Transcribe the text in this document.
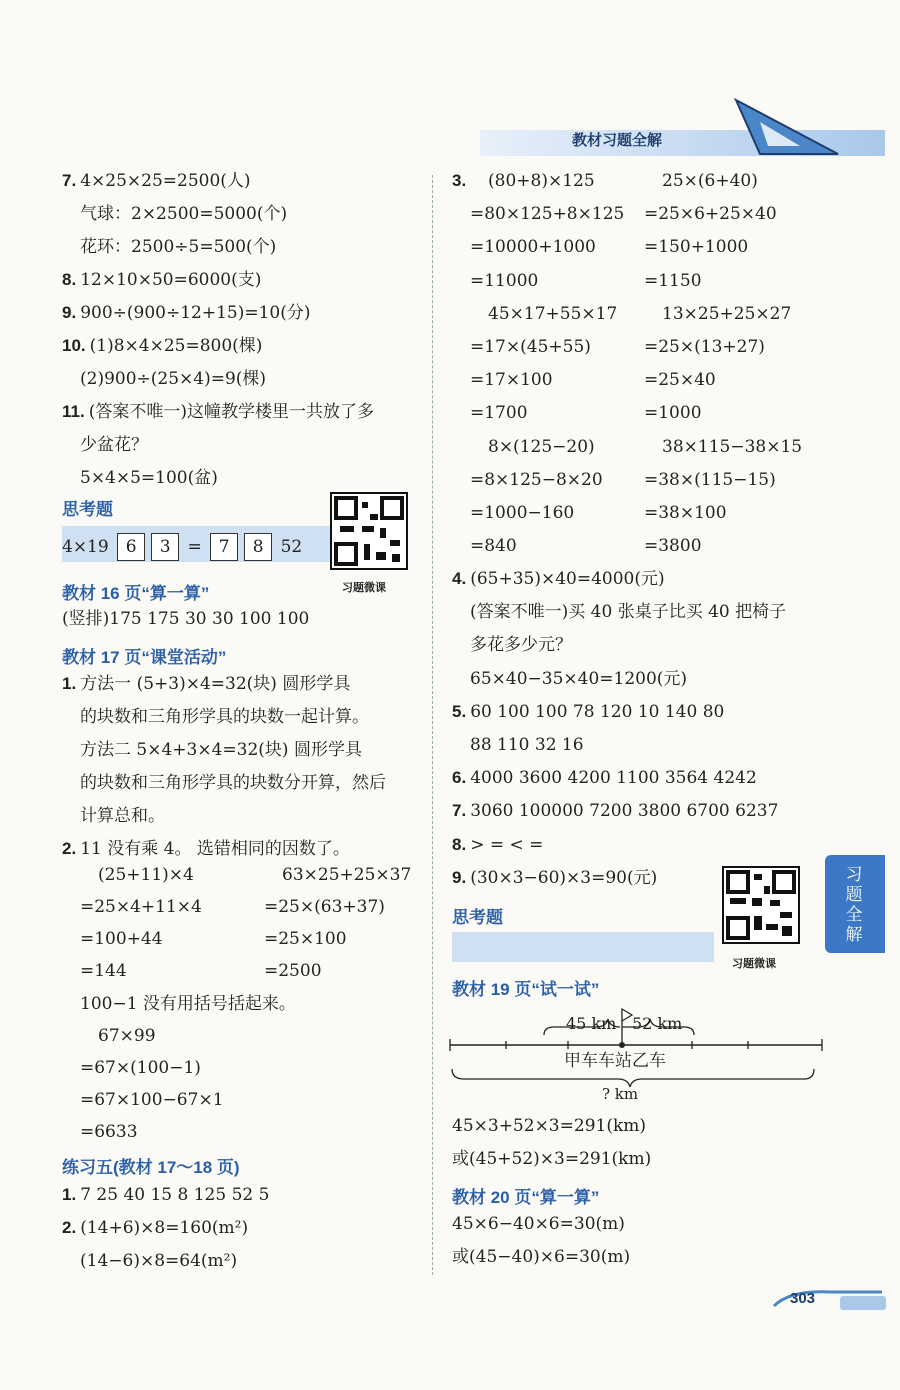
教材习题全解
7. 4×25×25=2500(人)
气球：2×2500=5000(个)
花环：2500÷5=500(个)
8. 12×10×50=6000(支)
9. 900÷(900÷12+15)=10(分)
10. (1)8×4×25=800(棵)
(2)900÷(25×4)=9(棵)
11. (答案不唯一)这幢教学楼里一共放了多
少盆花？
5×4×5=100(盆)
思考题
教材 16 页“算一算”
(竖排)175 175 30 30 100 100
教材 17 页“课堂活动”
1. 方法一 (5+3)×4=32(块) 圆形学具
的块数和三角形学具的块数一起计算。
方法二 5×4+3×4=32(块) 圆形学具
的块数和三角形学具的块数分开算，然后
计算总和。
2. 11 没有乘 4。 选错相同的因数了。
(25+11)×4
=25×4+11×4
=100+44
=144
63×25+25×37
=25×(63+37)
=25×100
=2500
100−1 没有用括号括起来。
67×99
=67×(100−1)
=67×100−67×1
=6633
练习五(教材 17～18 页)
1. 7 25 40 15 8 125 52 5
2. (14+6)×8=160(m²)
(14−6)×8=64(m²)
4×19 6 3 = 7 8 52
习题微课
3. (80+8)×125
=80×125+8×125
=10000+1000
=11000
45×17+55×17
=17×(45+55)
=17×100
=1700
8×(125−20)
=8×125−8×20
=1000−160
=840
25×(6+40)
=25×6+25×40
=150+1000
=1150
13×25+25×27
=25×(13+27)
=25×40
=1000
38×115−38×15
=38×(115−15)
=38×100
=3800
4. (65+35)×40=4000(元)
(答案不唯一)买 40 张桌子比买 40 把椅子
多花多少元？
65×40−35×40=1200(元)
5. 60 100 100 78 120 10 140 80
88 110 32 16
6. 4000 3600 4200 1100 3564 4242
7. 3060 100000 7200 3800 6700 6237
8. > = < =
9. (30×3−60)×3=90(元)
思考题
教材 19 页“试一试”
45×3+52×3=291(km)
或(45+52)×3=291(km)
教材 20 页“算一算”
45×6−40×6=30(m)
或(45−40)×6=30(m)
习题微课
45 km 52 km
甲车车站乙车
? km
习题全解
303
